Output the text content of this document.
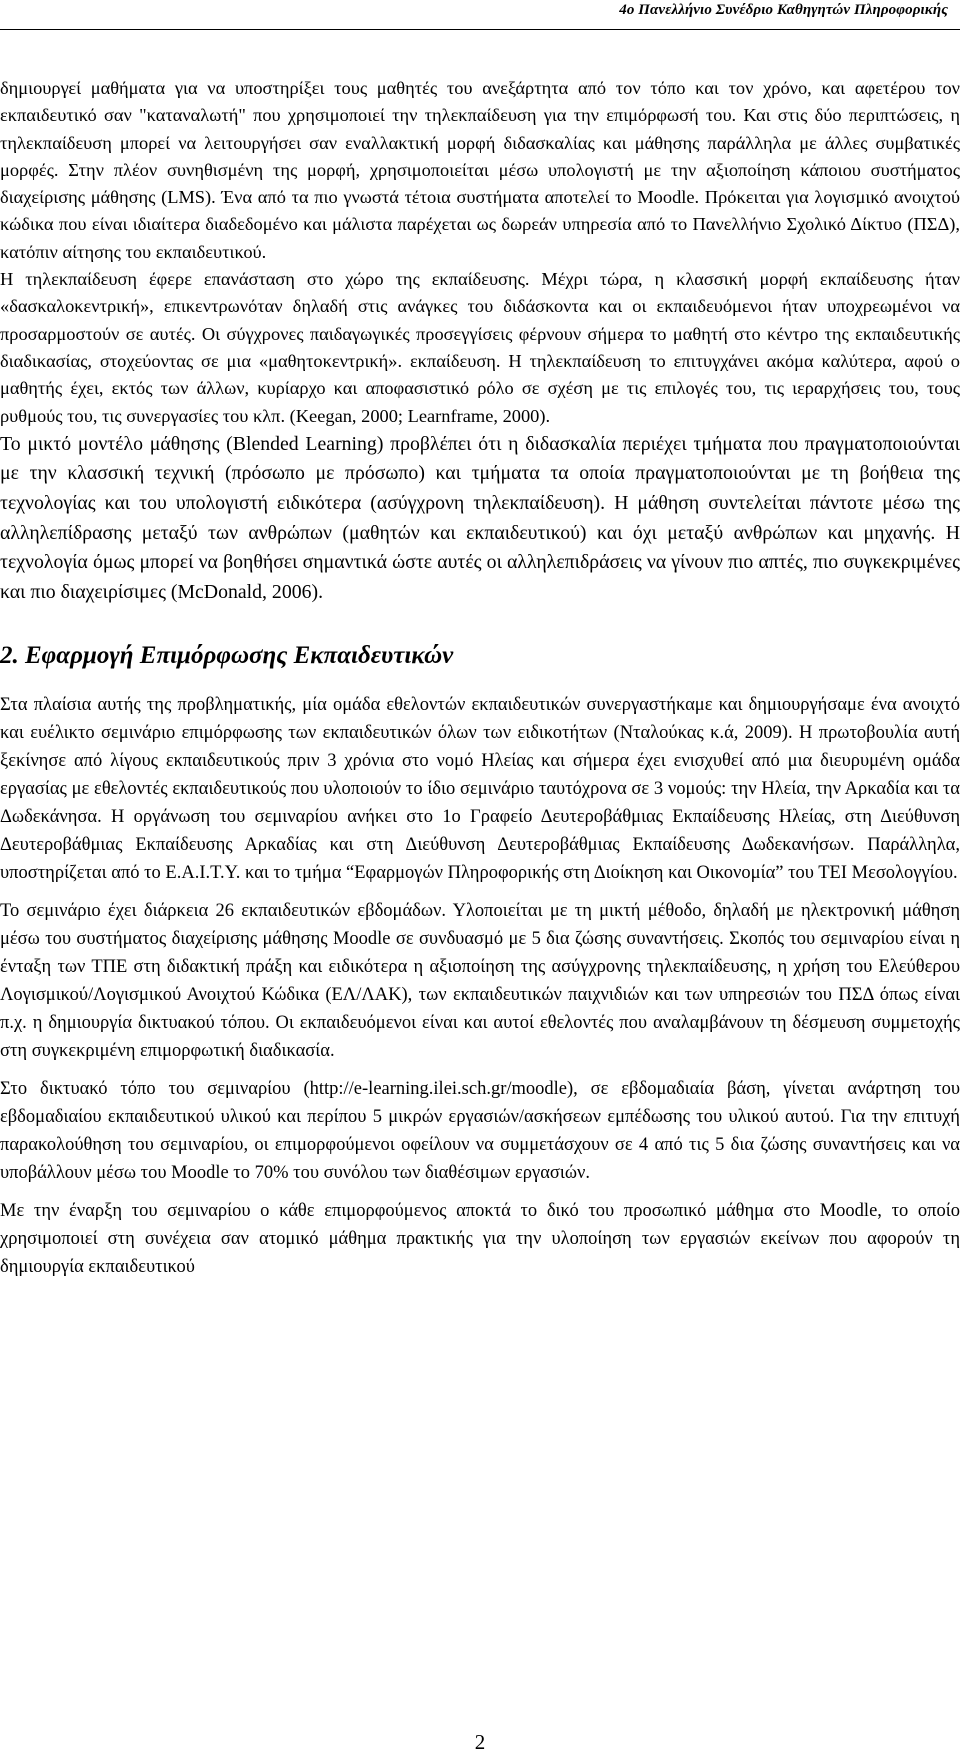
4ο Πανελλήνιο Συνέδριο Καθηγητών Πληροφορικής

δημιουργεί μαθήματα για να υποστηρίξει τους μαθητές του ανεξάρτητα από τον τόπο και τον χρόνο, και αφετέρου τον εκπαιδευτικό σαν "καταναλωτή" που χρησιμοποιεί την τηλεκπαίδευση για την επιμόρφωσή του. Και στις δύο περιπτώσεις, η τηλεκπαίδευση μπορεί να λειτουργήσει σαν εναλλακτική μορφή διδασκαλίας και μάθησης παράλληλα με άλλες συμβατικές μορφές. Στην πλέον συνηθισμένη της μορφή, χρησιμοποιείται μέσω υπολογιστή με την αξιοποίηση κάποιου συστήματος διαχείρισης μάθησης (LMS). Ένα από τα πιο γνωστά τέτοια συστήματα αποτελεί το Moodle. Πρόκειται για λογισμικό ανοιχτού κώδικα που είναι ιδιαίτερα διαδεδομένο και μάλιστα παρέχεται ως δωρεάν υπηρεσία από το Πανελλήνιο Σχολικό Δίκτυο (ΠΣΔ), κατόπιν αίτησης του εκπαιδευτικού.

Η τηλεκπαίδευση έφερε επανάσταση στο χώρο της εκπαίδευσης. Μέχρι τώρα, η κλασσική μορφή εκπαίδευσης ήταν «δασκαλοκεντρική», επικεντρωνόταν δηλαδή στις ανάγκες του διδάσκοντα και οι εκπαιδευόμενοι ήταν υποχρεωμένοι να προσαρμοστούν σε αυτές. Οι σύγχρονες παιδαγωγικές προσεγγίσεις φέρνουν σήμερα το μαθητή στο κέντρο της εκπαιδευτικής διαδικασίας, στοχεύοντας σε μια «μαθητοκεντρική». εκπαίδευση. Η τηλεκπαίδευση το επιτυγχάνει ακόμα καλύτερα, αφού ο μαθητής έχει, εκτός των άλλων, κυρίαρχο και αποφασιστικό ρόλο σε σχέση με τις επιλογές του, τις ιεραρχήσεις του, τους ρυθμούς του, τις συνεργασίες του κλπ. (Keegan, 2000; Learnframe, 2000).

Το μικτό μοντέλο μάθησης (Blended Learning) προβλέπει ότι η διδασκαλία περιέχει τμήματα που πραγματοποιούνται με την κλασσική τεχνική (πρόσωπο με πρόσωπο) και τμήματα τα οποία πραγματοποιούνται με τη βοήθεια της τεχνολογίας και του υπολογιστή ειδικότερα (ασύγχρονη τηλεκπαίδευση). Η μάθηση συντελείται πάντοτε μέσω της αλληλεπίδρασης μεταξύ των ανθρώπων (μαθητών και εκπαιδευτικού) και όχι μεταξύ ανθρώπων και μηχανής. Η τεχνολογία όμως μπορεί να βοηθήσει σημαντικά ώστε αυτές οι αλληλεπιδράσεις να γίνουν πιο απτές, πιο συγκεκριμένες και πιο διαχειρίσιμες (McDonald, 2006).

2. Εφαρμογή Επιμόρφωσης Εκπαιδευτικών

Στα πλαίσια αυτής της προβληματικής, μία ομάδα εθελοντών εκπαιδευτικών συνεργαστήκαμε και δημιουργήσαμε ένα ανοιχτό και ευέλικτο σεμινάριο επιμόρφωσης των εκπαιδευτικών όλων των ειδικοτήτων (Νταλούκας κ.ά, 2009). Η πρωτοβουλία αυτή ξεκίνησε από λίγους εκπαιδευτικούς πριν 3 χρόνια στο νομό Ηλείας και σήμερα έχει ενισχυθεί από μια διευρυμένη ομάδα εργασίας με εθελοντές εκπαιδευτικούς που υλοποιούν το ίδιο σεμινάριο ταυτόχρονα σε 3 νομούς: την Ηλεία, την Αρκαδία και τα Δωδεκάνησα. Η οργάνωση του σεμιναρίου ανήκει στο 1ο Γραφείο Δευτεροβάθμιας Εκπαίδευσης Ηλείας, στη Διεύθυνση Δευτεροβάθμιας Εκπαίδευσης Αρκαδίας και στη Διεύθυνση Δευτεροβάθμιας Εκπαίδευσης Δωδεκανήσων. Παράλληλα, υποστηρίζεται από το Ε.Α.Ι.Τ.Υ. και το τμήμα “Εφαρμογών Πληροφορικής στη Διοίκηση και Οικονομία” του ΤΕΙ Μεσολογγίου.

Το σεμινάριο έχει διάρκεια 26 εκπαιδευτικών εβδομάδων. Υλοποιείται με τη μικτή μέθοδο, δηλαδή με ηλεκτρονική μάθηση μέσω του συστήματος διαχείρισης μάθησης Moodle σε συνδυασμό με 5 δια ζώσης συναντήσεις. Σκοπός του σεμιναρίου είναι η ένταξη των ΤΠΕ στη διδακτική πράξη και ειδικότερα η αξιοποίηση της ασύγχρονης τηλεκπαίδευσης, η χρήση του Ελεύθερου Λογισμικού/Λογισμικού Ανοιχτού Κώδικα (ΕΛ/ΛΑΚ), των εκπαιδευτικών παιχνιδιών και των υπηρεσιών του ΠΣΔ όπως είναι π.χ. η δημιουργία δικτυακού τόπου. Οι εκπαιδευόμενοι είναι και αυτοί εθελοντές που αναλαμβάνουν τη δέσμευση συμμετοχής στη συγκεκριμένη επιμορφωτική διαδικασία.

Στο δικτυακό τόπο του σεμιναρίου (http://e-learning.ilei.sch.gr/moodle), σε εβδομαδιαία βάση, γίνεται ανάρτηση του εβδομαδιαίου εκπαιδευτικού υλικού και περίπου 5 μικρών εργασιών/ασκήσεων εμπέδωσης του υλικού αυτού. Για την επιτυχή παρακολούθηση του σεμιναρίου, οι επιμορφούμενοι οφείλουν να συμμετάσχουν σε 4 από τις 5 δια ζώσης συναντήσεις και να υποβάλλουν μέσω του Moodle το 70% του συνόλου των διαθέσιμων εργασιών.

Με την έναρξη του σεμιναρίου ο κάθε επιμορφούμενος αποκτά το δικό του προσωπικό μάθημα στο Moodle, το οποίο χρησιμοποιεί στη συνέχεια σαν ατομικό μάθημα πρακτικής για την υλοποίηση των εργασιών εκείνων που αφορούν τη δημιουργία εκπαιδευτικού

2
